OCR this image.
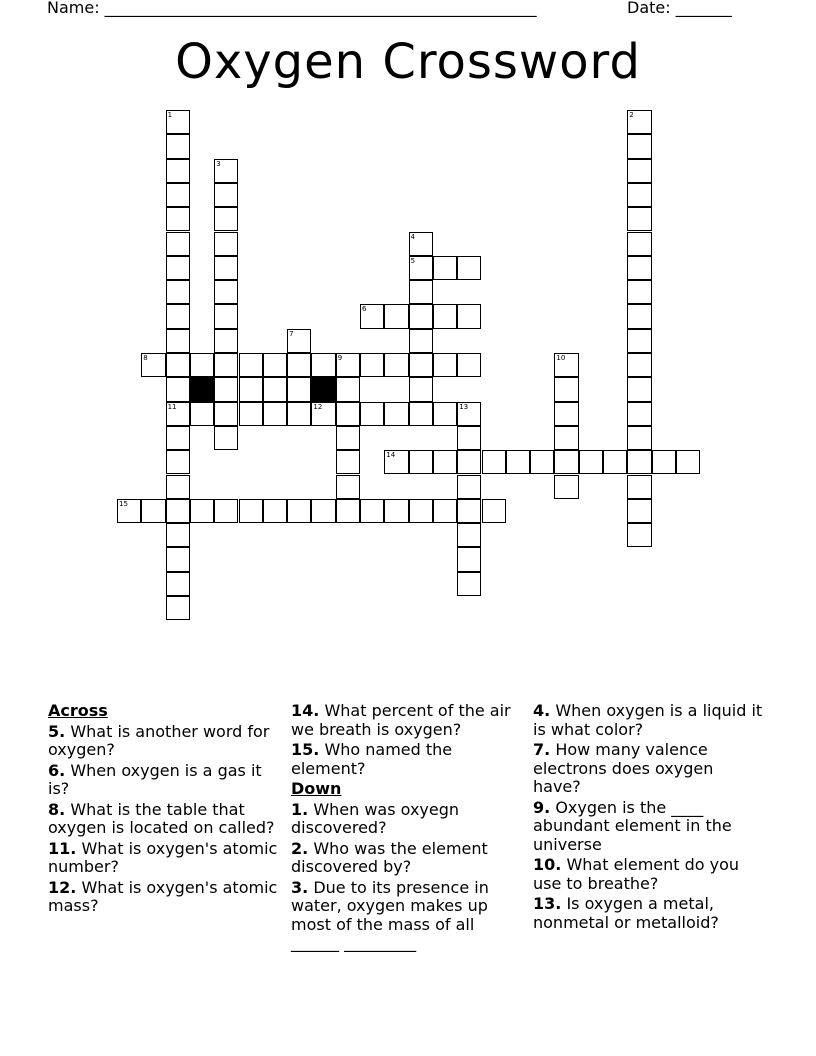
Name: ______________________________________________________	Date: _______
Oxygen Crossword
1
11
2
3
4
5
6
7
8	9	10
12	13
14
15
Across
5. What is another word for oxygen?
6. When oxygen is a gas it is?
8. What is the table that oxygen is located on called?
11. What is oxygen's atomic number?
12. What is oxygen's atomic mass?
14. What percent of the air we breath is oxygen?
15. Who named the element?
Down
1. When was oxyegn discovered?
2. Who was the element discovered by?
3. Due to its presence in water, oxygen makes up most of the mass of all ______ _________
4. When oxygen is a liquid it is what color?
7. How many valence electrons does oxygen have?
9. Oxygen is the ____ abundant element in the universe
10. What element do you use to breathe?
13. Is oxygen a metal, nonmetal or metalloid?
